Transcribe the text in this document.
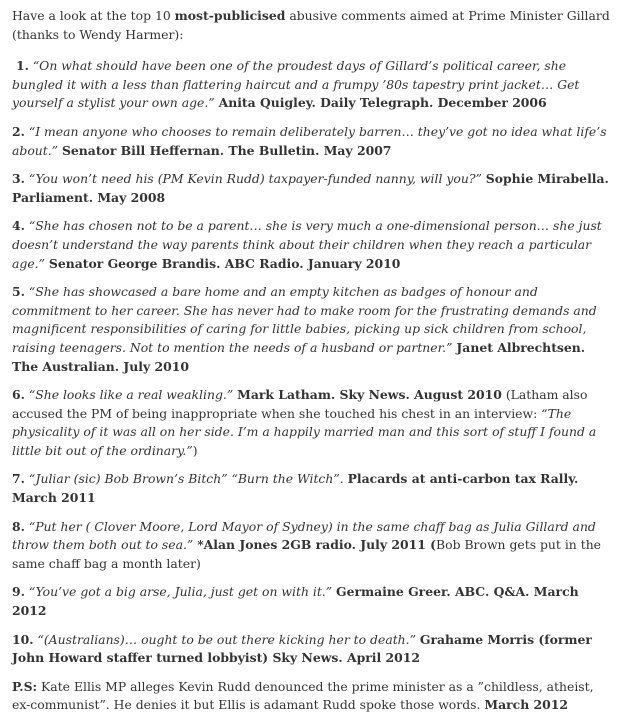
Have a look at the top 10 most-publicised abusive comments aimed at Prime Minister Gillard (thanks to Wendy Harmer):

1. “On what should have been one of the proudest days of Gillard’s political career, she bungled it with a less than flattering haircut and a frumpy ’80s tapestry print jacket… Get yourself a stylist your own age.” Anita Quigley. Daily Telegraph. December 2006

2. “I mean anyone who chooses to remain deliberately barren… they’ve got no idea what life’s about.” Senator Bill Heffernan. The Bulletin. May 2007

3. “You won’t need his (PM Kevin Rudd) taxpayer-funded nanny, will you?” Sophie Mirabella. Parliament. May 2008

4. “She has chosen not to be a parent… she is very much a one-dimensional person… she just doesn’t understand the way parents think about their children when they reach a particular age.” Senator George Brandis. ABC Radio. January 2010

5. “She has showcased a bare home and an empty kitchen as badges of honour and commitment to her career. She has never had to make room for the frustrating demands and magnificent responsibilities of caring for little babies, picking up sick children from school, raising teenagers. Not to mention the needs of a husband or partner.” Janet Albrechtsen. The Australian. July 2010

6. “She looks like a real weakling.” Mark Latham. Sky News. August 2010 (Latham also accused the PM of being inappropriate when she touched his chest in an interview: “The physicality of it was all on her side. I’m a happily married man and this sort of stuff I found a little bit out of the ordinary.”)

7. “Juliar (sic) Bob Brown’s Bitch” “Burn the Witch”. Placards at anti-carbon tax Rally. March 2011

8. “Put her ( Clover Moore, Lord Mayor of Sydney) in the same chaff bag as Julia Gillard and throw them both out to sea.” *Alan Jones 2GB radio. July 2011 (Bob Brown gets put in the same chaff bag a month later)

9. “You’ve got a big arse, Julia, just get on with it.” Germaine Greer. ABC. Q&A. March 2012

10. “(Australians)… ought to be out there kicking her to death.” Grahame Morris (former John Howard staffer turned lobbyist) Sky News. April 2012

P.S: Kate Ellis MP alleges Kevin Rudd denounced the prime minister as a ”childless, atheist, ex-communist”. He denies it but Ellis is adamant Rudd spoke those words. March 2012
